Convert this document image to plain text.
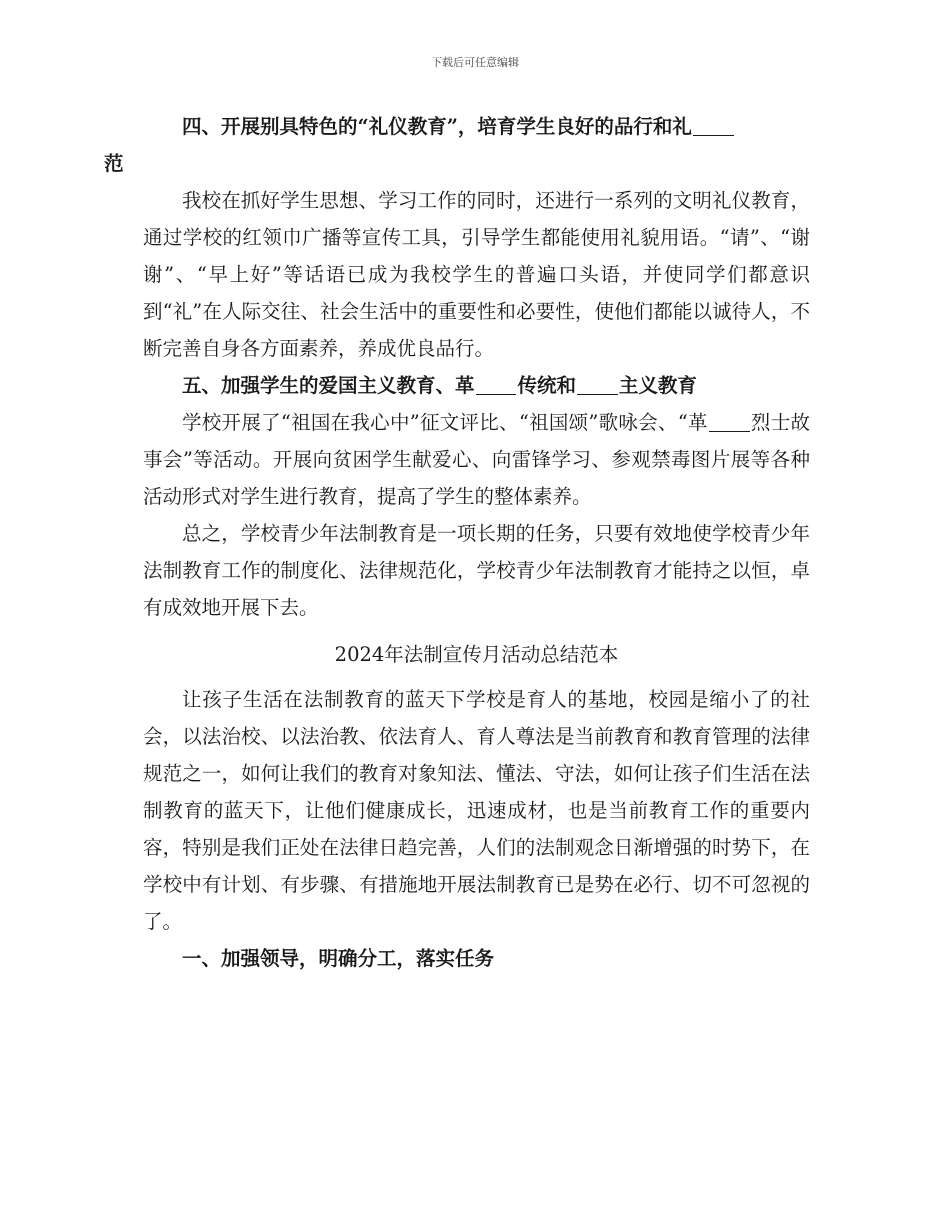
下载后可任意编辑

四、开展别具特色的“礼仪教育”，培育学生良好的品行和礼
范

我校在抓好学生思想、学习工作的同时，还进行一系列的文明礼仪教育，通过学校的红领巾广播等宣传工具，引导学生都能使用礼貌用语。“请”、“谢谢”、“早上好”等话语已成为我校学生的普遍口头语，并使同学们都意识到“礼”在人际交往、社会生活中的重要性和必要性，使他们都能以诚待人，不断完善自身各方面素养，养成优良品行。

五、加强学生的爱国主义教育、革 传统和 主义教育

学校开展了“祖国在我心中”征文评比、“祖国颂”歌咏会、“革 烈士故事会”等活动。开展向贫困学生献爱心、向雷锋学习、参观禁毒图片展等各种活动形式对学生进行教育，提高了学生的整体素养。

总之，学校青少年法制教育是一项长期的任务，只要有效地使学校青少年法制教育工作的制度化、法律规范化，学校青少年法制教育才能持之以恒，卓有成效地开展下去。

2024年法制宣传月活动总结范本

让孩子生活在法制教育的蓝天下学校是育人的基地，校园是缩小了的社会，以法治校、以法治教、依法育人、育人尊法是当前教育和教育管理的法律规范之一，如何让我们的教育对象知法、懂法、守法，如何让孩子们生活在法制教育的蓝天下，让他们健康成长，迅速成材，也是当前教育工作的重要内容，特别是我们正处在法律日趋完善，人们的法制观念日渐增强的时势下，在学校中有计划、有步骤、有措施地开展法制教育已是势在必行、切不可忽视的了。

一、加强领导，明确分工，落实任务
